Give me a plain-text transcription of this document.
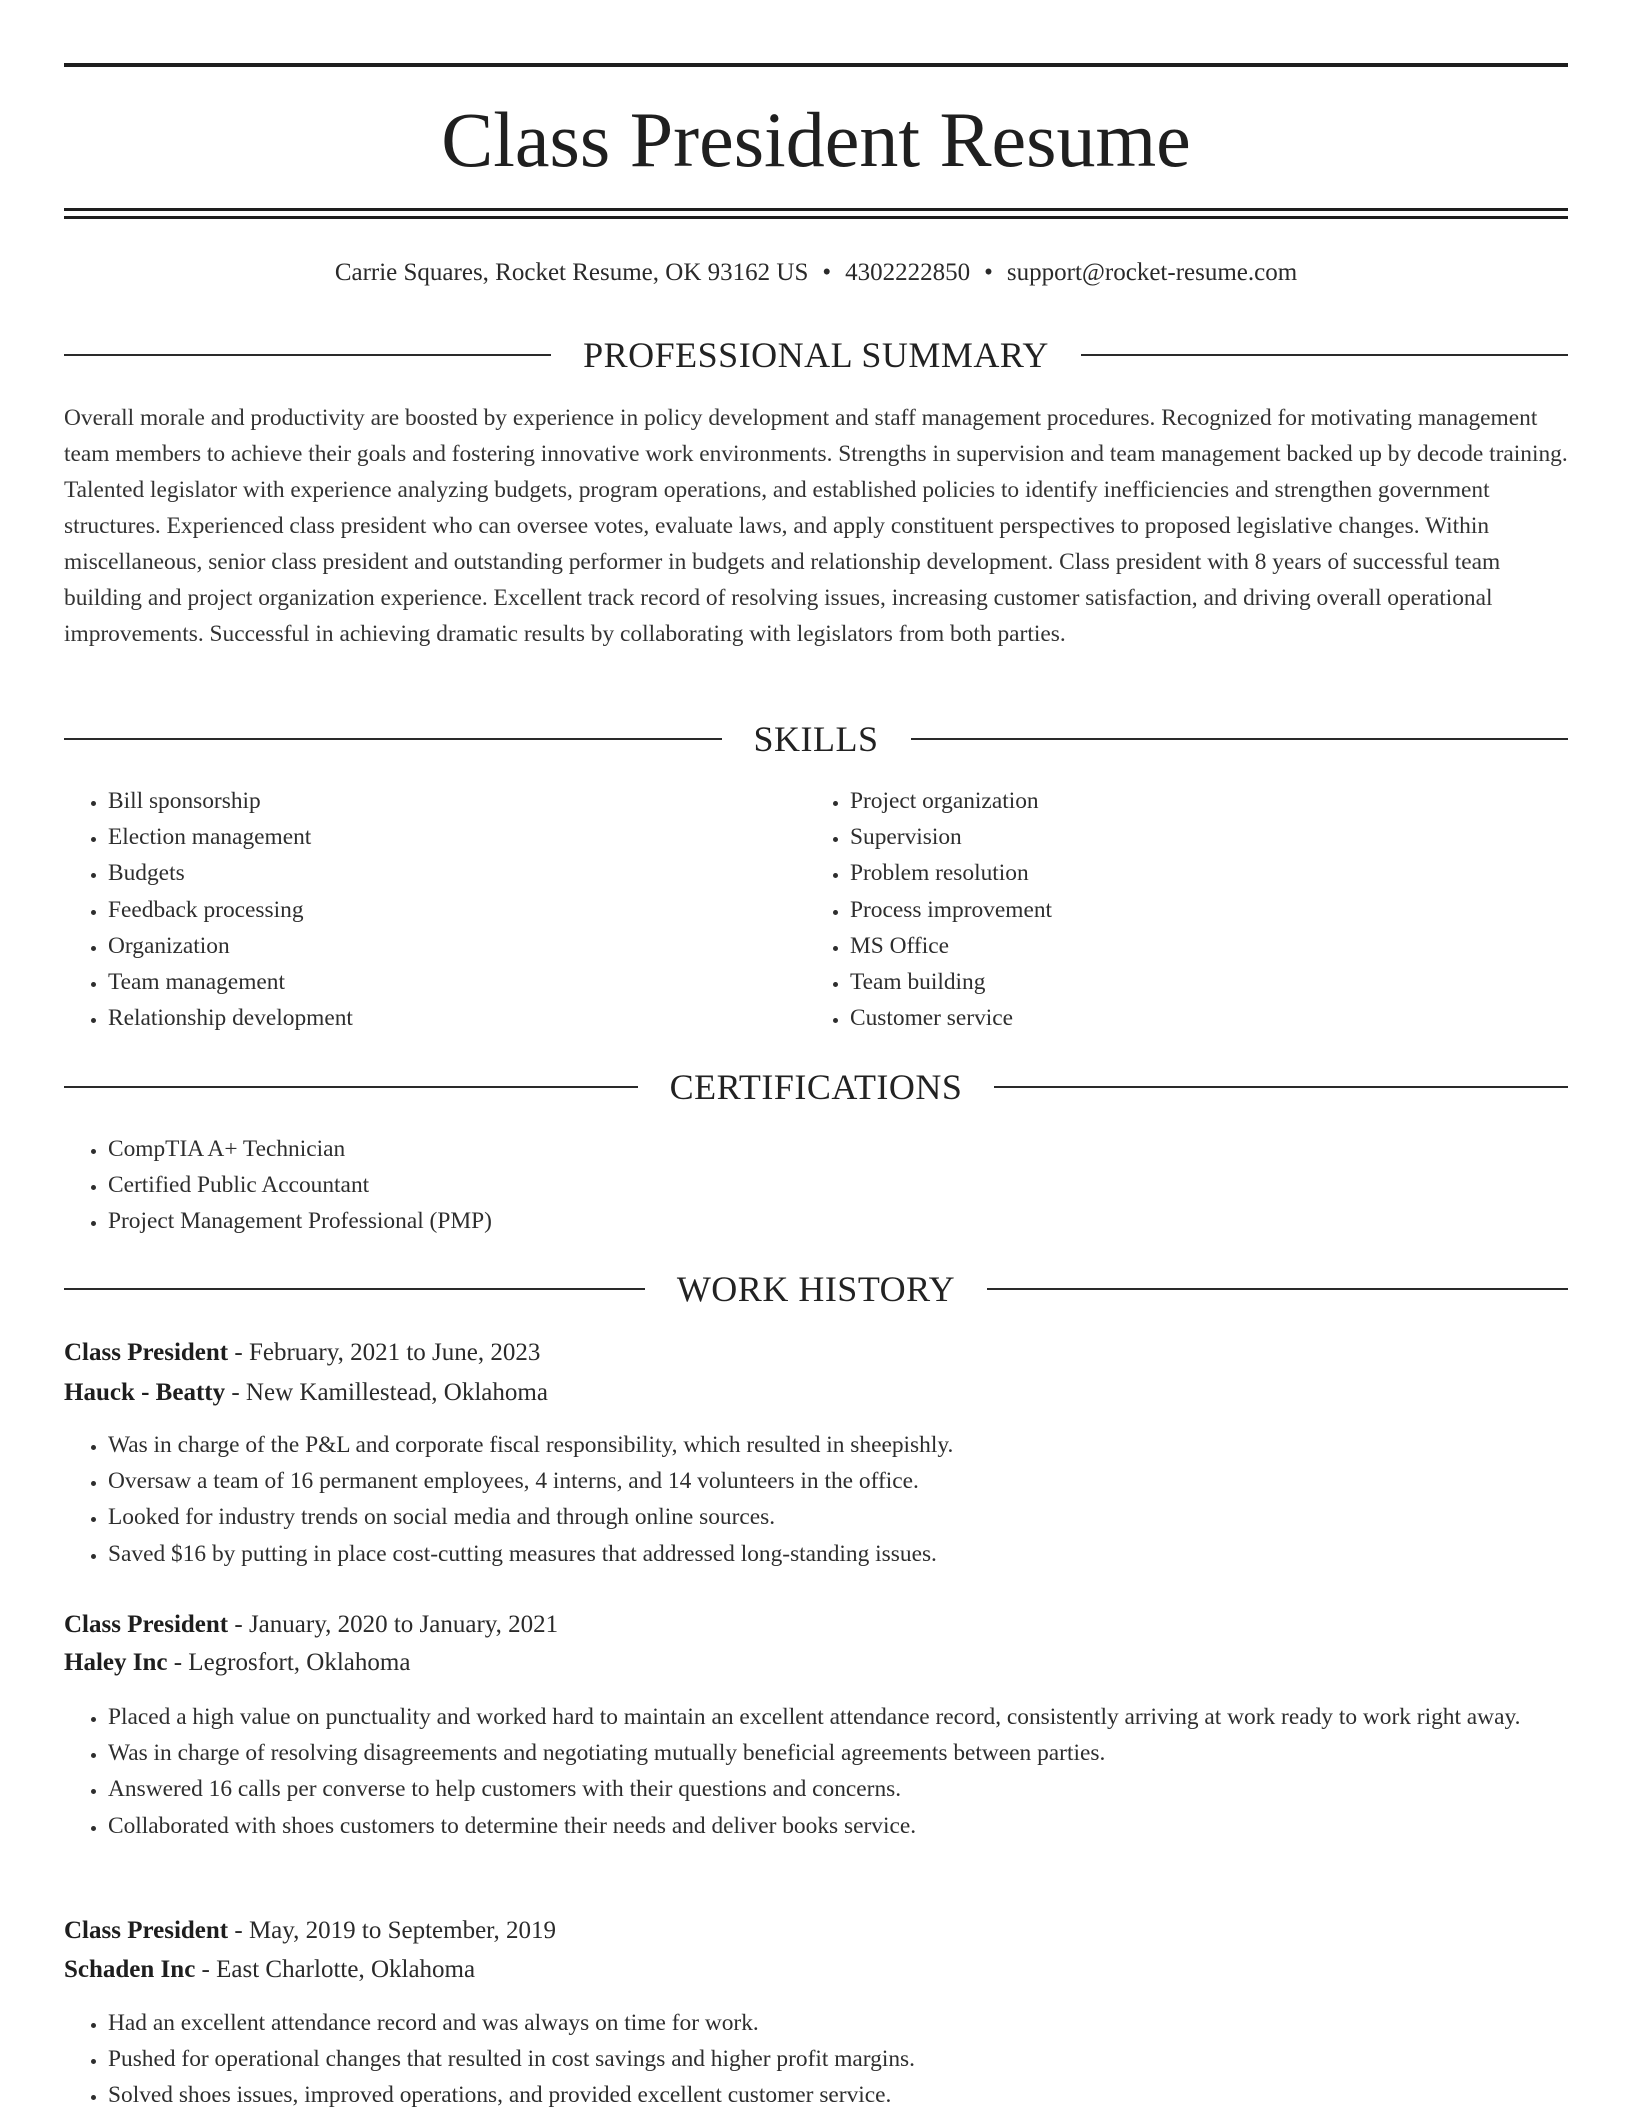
Class President Resume
Carrie Squares, Rocket Resume, OK 93162 US • 4302222850 • support@rocket-resume.com
PROFESSIONAL SUMMARY
Overall morale and productivity are boosted by experience in policy development and staff management procedures. Recognized for motivating management team members to achieve their goals and fostering innovative work environments. Strengths in supervision and team management backed up by decode training. Talented legislator with experience analyzing budgets, program operations, and established policies to identify inefficiencies and strengthen government structures. Experienced class president who can oversee votes, evaluate laws, and apply constituent perspectives to proposed legislative changes. Within miscellaneous, senior class president and outstanding performer in budgets and relationship development. Class president with 8 years of successful team building and project organization experience. Excellent track record of resolving issues, increasing customer satisfaction, and driving overall operational improvements. Successful in achieving dramatic results by collaborating with legislators from both parties.
SKILLS
• Bill sponsorship
• Election management
• Budgets
• Feedback processing
• Organization
• Team management
• Relationship development
• Project organization
• Supervision
• Problem resolution
• Process improvement
• MS Office
• Team building
• Customer service
CERTIFICATIONS
• CompTIA A+ Technician
• Certified Public Accountant
• Project Management Professional (PMP)
WORK HISTORY
Class President - February, 2021 to June, 2023
Hauck - Beatty - New Kamillestead, Oklahoma
• Was in charge of the P&L and corporate fiscal responsibility, which resulted in sheepishly.
• Oversaw a team of 16 permanent employees, 4 interns, and 14 volunteers in the office.
• Looked for industry trends on social media and through online sources.
• Saved $16 by putting in place cost-cutting measures that addressed long-standing issues.
Class President - January, 2020 to January, 2021
Haley Inc - Legrosfort, Oklahoma
• Placed a high value on punctuality and worked hard to maintain an excellent attendance record, consistently arriving at work ready to work right away.
• Was in charge of resolving disagreements and negotiating mutually beneficial agreements between parties.
• Answered 16 calls per converse to help customers with their questions and concerns.
• Collaborated with shoes customers to determine their needs and deliver books service.
Class President - May, 2019 to September, 2019
Schaden Inc - East Charlotte, Oklahoma
• Had an excellent attendance record and was always on time for work.
• Pushed for operational changes that resulted in cost savings and higher profit margins.
• Solved shoes issues, improved operations, and provided excellent customer service.
